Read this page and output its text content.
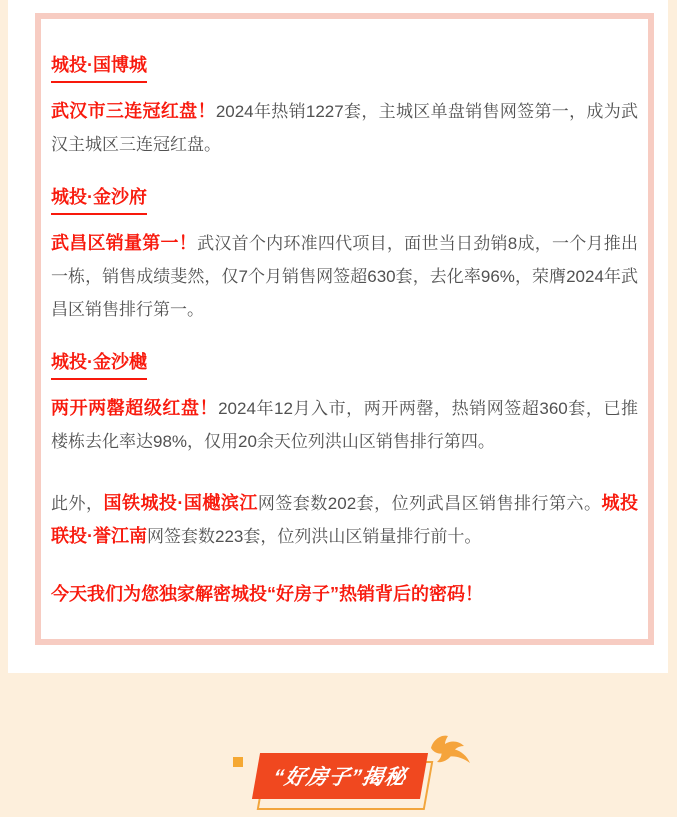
城投·国博城

武汉市三连冠红盘！2024年热销1227套，主城区单盘销售网签第一，成为武汉主城区三连冠红盘。

城投·金沙府

武昌区销量第一！武汉首个内环准四代项目，面世当日劲销8成，一个月推出一栋，销售成绩斐然，仅7个月销售网签超630套，去化率96%，荣膺2024年武昌区销售排行第一。

城投·金沙樾

两开两罄超级红盘！2024年12月入市，两开两罄，热销网签超360套，已推楼栋去化率达98%，仅用20余天位列洪山区销售排行第四。

此外，国铁城投·国樾滨江网签套数202套，位列武昌区销售排行第六。城投联投·誉江南网签套数223套，位列洪山区销量排行前十。

今天我们为您独家解密城投“好房子”热销背后的密码！

“好房子”揭秘
